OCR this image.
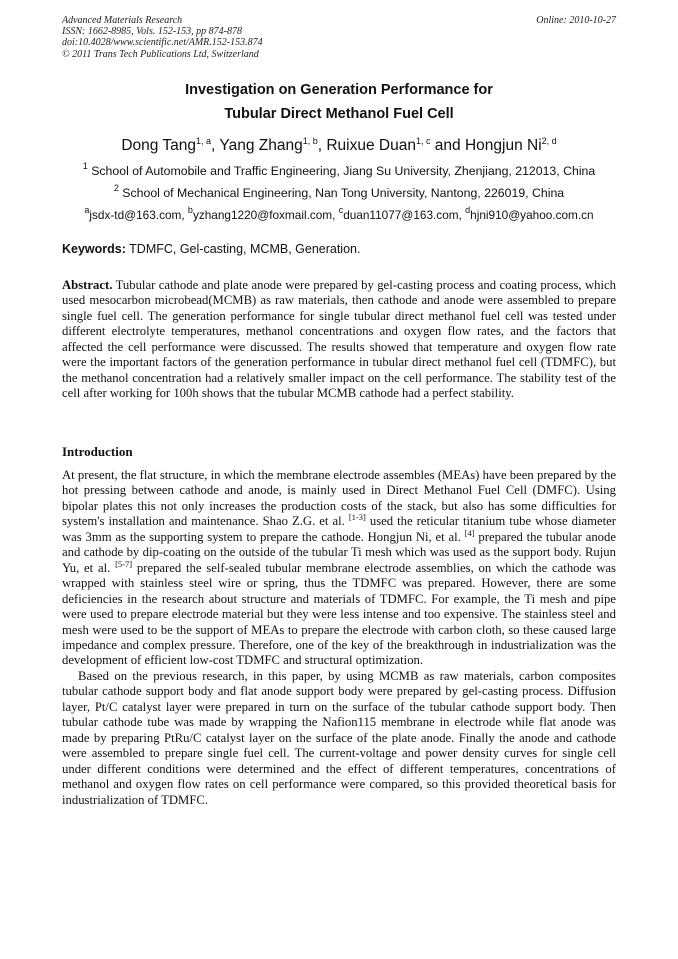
Advanced Materials Research
ISSN: 1662-8985, Vols. 152-153, pp 874-878
doi:10.4028/www.scientific.net/AMR.152-153.874
© 2011 Trans Tech Publications Ltd, Switzerland
Online: 2010-10-27
Investigation on Generation Performance for
Tubular Direct Methanol Fuel Cell
Dong Tang$^{1, a}$, Yang Zhang$^{1, b}$, Ruixue Duan$^{1, c}$ and Hongjun Ni$^{2, d}$
$^1$ School of Automobile and Traffic Engineering, Jiang Su University, Zhenjiang, 212013, China
$^2$ School of Mechanical Engineering, Nan Tong University, Nantong, 226019, China
$^a$jsdx-td@163.com, $^b$yzhang1220@foxmail.com, $^c$duan11077@163.com, $^d$hjni910@yahoo.com.cn
Keywords: TDMFC, Gel-casting, MCMB, Generation.
Abstract. Tubular cathode and plate anode were prepared by gel-casting process and coating process, which used mesocarbon microbead(MCMB) as raw materials, then cathode and anode were assembled to prepare single fuel cell. The generation performance for single tubular direct methanol fuel cell was tested under different electrolyte temperatures, methanol concentrations and oxygen flow rates, and the factors that affected the cell performance were discussed. The results showed that temperature and oxygen flow rate were the important factors of the generation performance in tubular direct methanol fuel cell (TDMFC), but the methanol concentration had a relatively smaller impact on the cell performance. The stability test of the cell after working for 100h shows that the tubular MCMB cathode had a perfect stability.
Introduction

At present, the flat structure, in which the membrane electrode assembles (MEAs) have been prepared by the hot pressing between cathode and anode, is mainly used in Direct Methanol Fuel Cell (DMFC). Using bipolar plates this not only increases the production costs of the stack, but also has some difficulties for system's installation and maintenance. Shao Z.G. et al. [1-3] used the reticular titanium tube whose diameter was 3mm as the supporting system to prepare the cathode. Hongjun Ni, et al. [4] prepared the tubular anode and cathode by dip-coating on the outside of the tubular Ti mesh which was used as the support body. Rujun Yu, et al. [5-7] prepared the self-sealed tubular membrane electrode assemblies, on which the cathode was wrapped with stainless steel wire or spring, thus the TDMFC was prepared. However, there are some deficiencies in the research about structure and materials of TDMFC. For example, the Ti mesh and pipe were used to prepare electrode material but they were less intense and too expensive. The stainless steel and mesh were used to be the support of MEAs to prepare the electrode with carbon cloth, so these caused large impedance and complex pressure. Therefore, one of the key of the breakthrough in industrialization was the development of efficient low-cost TDMFC and structural optimization.

Based on the previous research, in this paper, by using MCMB as raw materials, carbon composites tubular cathode support body and flat anode support body were prepared by gel-casting process. Diffusion layer, Pt/C catalyst layer were prepared in turn on the surface of the tubular cathode support body. Then tubular cathode tube was made by wrapping the Nafion115 membrane in electrode while flat anode was made by preparing PtRu/C catalyst layer on the surface of the plate anode. Finally the anode and cathode were assembled to prepare single fuel cell. The current-voltage and power density curves for single cell under different conditions were determined and the effect of different temperatures, concentrations of methanol and oxygen flow rates on cell performance were compared, so this provided theoretical basis for industrialization of TDMFC.
